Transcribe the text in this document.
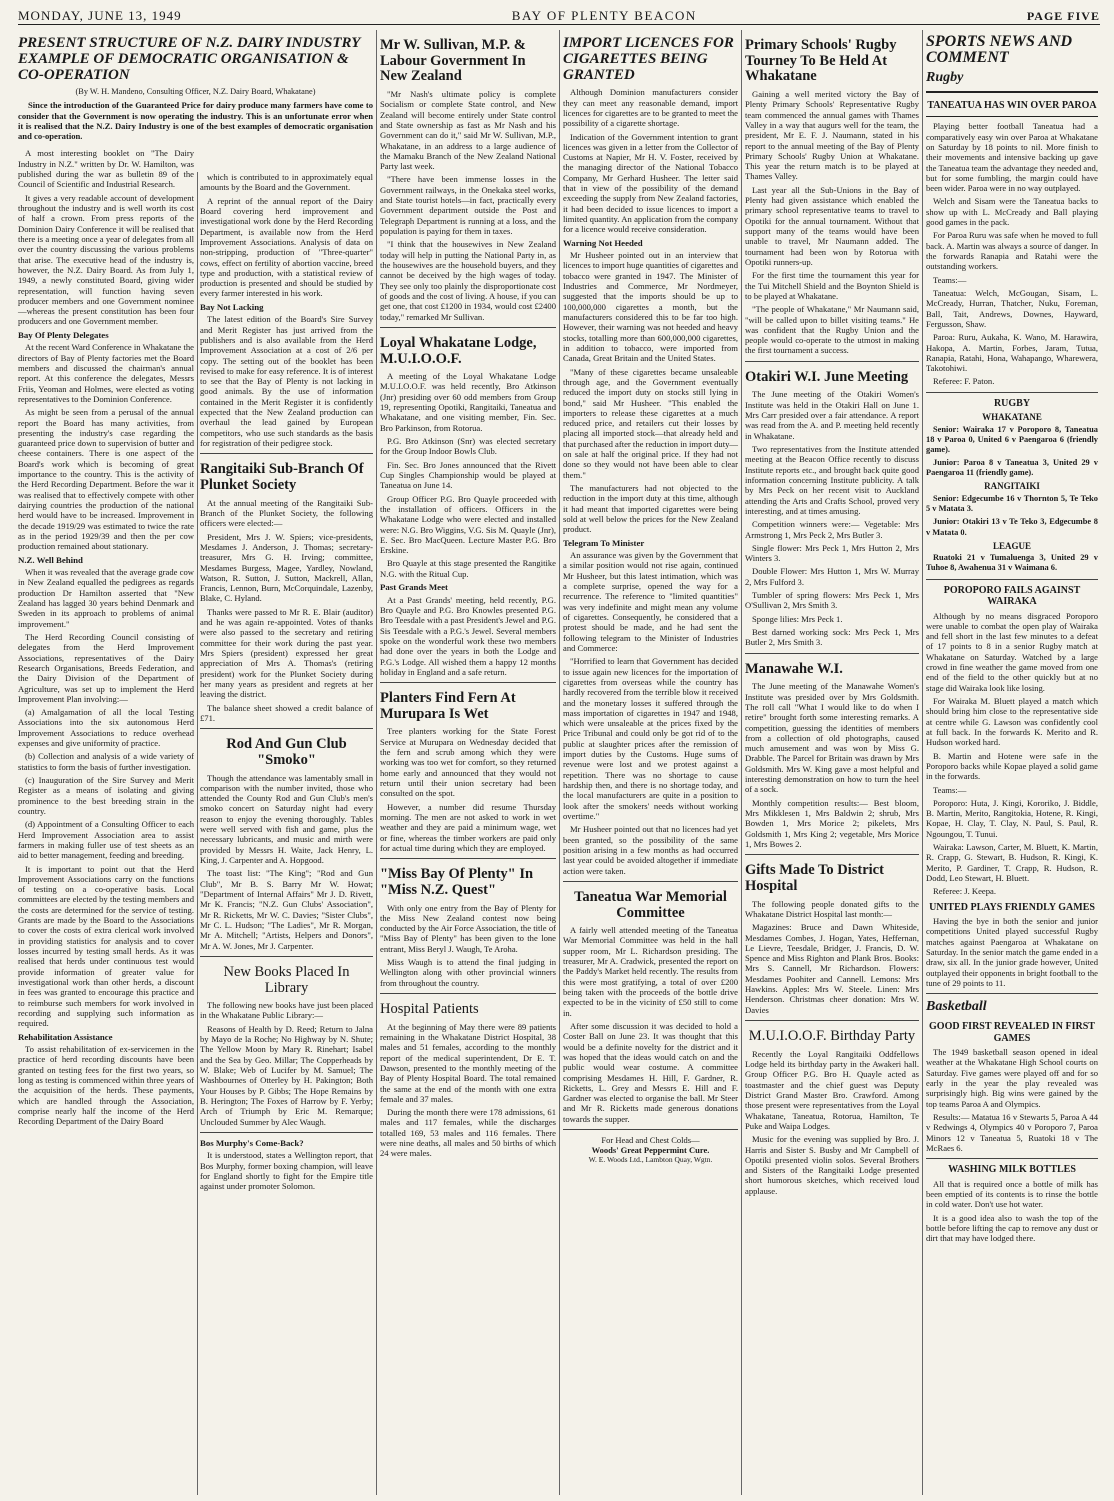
MONDAY, JUNE 13, 1949	BAY OF PLENTY BEACON	PAGE FIVE
PRESENT STRUCTURE OF N.Z. DAIRY INDUSTRY EXAMPLE OF DEMOCRATIC ORGANISATION & CO-OPERATION
(By W. H. Mandeno, Consulting Officer, N.Z. Dairy Board, Whakatane)

Since the introduction of the Guaranteed Price for dairy produce many farmers have come to consider that the Government is now operating the industry. This is an unfortunate error when it is realised that the N.Z. Dairy Industry is one of the best examples of democratic organisation and co-operation.

A most interesting booklet on "The Dairy Industry in N.Z." written by Dr. W. Hamilton, was published during the war as bulletin 89 of the Council of Scientific and Industrial Research.

It gives a very readable account of development throughout the industry and is well worth its cost of half a crown. From press reports of the Dominion Dairy Conference it will be realised that there is a meeting once a year of delegates from all over the country discussing the various problems that arise. The executive head of the industry is, however, the N.Z. Dairy Board. As from July 1, 1949, a newly constituted Board, giving wider representation, will function having seven producer members and one Government nominee—whereas the present constitution has been four producers and one Government member.

Bay Of Plenty Delegates

At the recent Ward Conference in Whakatane the directors of Bay of Plenty factories met the Board members and discussed the chairman's annual report. At this conference the delegates, Messrs Friis, Yeoman and Holmes, were elected as voting representatives to the Dominion Conference.

As might be seen from a perusal of the annual report the Board has many activities, from presenting the industry's case regarding the guaranteed price down to supervision of butter and cheese containers. There is one aspect of the Board's work which is becoming of great importance to the country. This is the activity of the Herd Recording Department. Before the war it was realised that to effectively compete with other dairying countries the production of the national herd would have to be increased. Improvement in the decade 1919/29 was estimated to twice the rate as in the period 1929/39 and then the per cow production remained about stationary.

N.Z. Well Behind

When it was revealed that the average grade cow in New Zealand equalled the pedigrees as regards production Dr Hamilton asserted that "New Zealand has lagged 30 years behind Denmark and Sweden in its approach to problems of animal improvement."

The Herd Recording Council consisting of delegates from the Herd Improvement Associations, representatives of the Dairy Research Organisations, Breeds Federation, and the Dairy Division of the Department of Agriculture, was set up to implement the Herd Improvement Plan involving:—

(a) Amalgamation of all the local Testing Associations into the six autonomous Herd Improvement Associations to reduce overhead expenses and give uniformity of practice.

(b) Collection and analysis of a wide variety of statistics to form the basis of further investigation.

(c) Inauguration of the Sire Survey and Merit Register as a means of isolating and giving prominence to the best breeding strain in the country.

(d) Appointment of a Consulting Officer to each Herd Improvement Association area to assist farmers in making fuller use of test sheets as an aid to better management, feeding and breeding.

It is important to point out that the Herd Improvement Associations carry on the functions of testing on a co-operative basis. Local committees are elected by the testing members and the costs are determined for the service of testing. Grants are made by the Board to the Associations to cover the costs of extra clerical work involved in providing statistics for analysis and to cover losses incurred by testing small herds. As it was realised that herds under continuous test would provide information of greater value for investigational work than other herds, a discount in fees was granted to encourage this practice and to reimburse such members for work involved in recording and supplying such information as required.

Rehabilitation Assistance

To assist rehabilitation of ex-servicemen in the practice of herd recording discounts have been granted on testing fees for the first two years, so long as testing is commenced within three years of the acquisition of the herds. These payments, which are handled through the Association, comprise nearly half the income of the Herd Recording Department of the Dairy Board

which is contributed to in approximately equal amounts by the Board and the Government.

A reprint of the annual report of the Dairy Board covering herd improvement and investigational work done by the Herd Recording Department, is available now from the Herd Improvement Associations. Analysis of data on non-stripping, production of "Three-quarter" cows, effect on fertility of abortion vaccine, breed type and production, with a statistical review of production is presented and should be studied by every farmer interested in his work.

Bay Not Lacking

The latest edition of the Board's Sire Survey and Merit Register has just arrived from the publishers and is also available from the Herd Improvement Association at a cost of 2/6 per copy. The setting out of the booklet has been revised to make for easy reference. It is of interest to see that the Bay of Plenty is not lacking in good animals. By the use of information contained in the Merit Register it is confidently expected that the New Zealand production can overhaul the lead gained by European competitors, who use such standards as the basis for registration of their pedigree stock.

Rangitaiki Sub-Branch Of Plunket Society

At the annual meeting of the Rangitaiki Sub-Branch of the Plunket Society, the following officers were elected:—

President, Mrs J. W. Spiers; vice-presidents, Mesdames J. Anderson, J. Thomas; secretary-treasurer, Mrs G. H. Irving; committee, Mesdames Burgess, Magee, Yardley, Nowland, Watson, R. Sutton, J. Sutton, Mackrell, Allan, Francis, Lennon, Burn, McCorquindale, Lazenby, Blake, C. Hyland.

Thanks were passed to Mr R. E. Blair (auditor) and he was again re-appointed. Votes of thanks were also passed to the secretary and retiring committee for their work during the past year. Mrs Spiers (president) expressed her great appreciation of Mrs A. Thomas's (retiring president) work for the Plunket Society during her many years as president and regrets at her leaving the district.

The balance sheet showed a credit balance of £71.

Rod And Gun Club "Smoko"

Though the attendance was lamentably small in comparison with the number invited, those who attended the County Rod and Gun Club's men's smoko concert on Saturday night had every reason to enjoy the evening thoroughly. Tables were well served with fish and game, plus the necessary lubricants, and music and mirth were provided by Messrs H. Waite, Jack Henry, L. King, J. Carpenter and A. Hopgood.

The toast list: "The King"; "Rod and Gun Club", Mr B. S. Barry Mr W. Howat; "Department of Internal Affairs" Mr J. D. Rivett, Mr K. Francis; "N.Z. Gun Clubs' Association", Mr R. Ricketts, Mr W. C. Davies; "Sister Clubs", Mr C. L. Hudson; "The Ladies", Mr R. Morgan, Mr A. Mitchell; "Artists, Helpers and Donors", Mr A. W. Jones, Mr J. Carpenter.

New Books Placed In Library

The following new books have just been placed in the Whakatane Public Library:—

Reasons of Health by D. Reed; Return to Jalna by Mayo de la Roche; No Highway by N. Shute; The Yellow Moon by Mary R. Rinehart; Isabel and the Sea by Geo. Millar; The Copperheads by W. Blake; Web of Lucifer by M. Samuel; The Washbournes of Otterley by H. Pakington; Both Your Houses by P. Gibbs; The Hope Remains by B. Herington; The Foxes of Harrow by F. Yerby; Arch of Triumph by Eric M. Remarque; Unclouded Summer by Alec Waugh.

Bos Murphy's Come-Back?

It is understood, states a Wellington report, that Bos Murphy, former boxing champion, will leave for England shortly to fight for the Empire title against under promoter Solomon.

Mr W. Sullivan, M.P. & Labour Government In New Zealand

"Mr Nash's ultimate policy is complete Socialism or complete State control, and New Zealand will become entirely under State control and State ownership as fast as Mr Nash and his Government can do it," said Mr W. Sullivan, M.P., Whakatane, in an address to a large audience of the Mamaku Branch of the New Zealand National Party last week.

"There have been immense losses in the Government railways, in the Onekaka steel works, and State tourist hotels—in fact, practically every Government department outside the Post and Telegraph Department is running at a loss, and the population is paying for them in taxes.

"I think that the housewives in New Zealand today will help in putting the National Party in, as the housewives are the household buyers, and they cannot be deceived by the high wages of today. They see only too plainly the disproportionate cost of goods and the cost of living. A house, if you can get one, that cost £1200 in 1934, would cost £2400 today," remarked Mr Sullivan.

Loyal Whakatane Lodge, M.U.I.O.O.F.

A meeting of the Loyal Whakatane Lodge M.U.I.O.O.F. was held recently, Bro Atkinson (Jnr) presiding over 60 odd members from Group 19, representing Opotiki, Rangitaiki, Taneatua and Whakatane, and one visiting member, Fin. Sec. Bro Parkinson, from Rotorua.

P.G. Bro Atkinson (Snr) was elected secretary for the Group Indoor Bowls Club.

Fin. Sec. Bro Jones announced that the Rivett Cup Singles Championship would be played at Taneatua on June 14.

Group Officer P.G. Bro Quayle proceeded with the installation of officers. Officers in the Whakatane Lodge who were elected and installed were: N.G. Bro Wiggins, V.G. Sis M. Quayle (Jnr), E. Sec. Bro MacQueen. Lecture Master P.G. Bro Erskine.

Bro Quayle at this stage presented the Rangitike N.G. with the Ritual Cup.

Past Grands Meet

At a Past Grands' meeting, held recently, P.G. Bro Quayle and P.G. Bro Knowles presented P.G. Bro Teesdale with a past President's Jewel and P.G. Sis Teesdale with a P.G.'s Jewel. Several members spoke on the wonderful work these two members had done over the years in both the Lodge and P.G.'s Lodge. All wished them a happy 12 months holiday in England and a safe return.

Planters Find Fern At Murupara Is Wet

Tree planters working for the State Forest Service at Murupara on Wednesday decided that the fern and scrub among which they were working was too wet for comfort, so they returned home early and announced that they would not return until their union secretary had been consulted on the spot.

However, a number did resume Thursday morning. The men are not asked to work in wet weather and they are paid a minimum wage, wet or fine, whereas the timber workers are paid only for actual time during which they are employed.

"Miss Bay Of Plenty" In "Miss N.Z. Quest"

With only one entry from the Bay of Plenty for the Miss New Zealand contest now being conducted by the Air Force Association, the title of "Miss Bay of Plenty" has been given to the lone entrant, Miss Beryl J. Waugh, Te Aroha.

Miss Waugh is to attend the final judging in Wellington along with other provincial winners from throughout the country.

Hospital Patients

At the beginning of May there were 89 patients remaining in the Whakatane District Hospital, 38 males and 51 females, according to the monthly report of the medical superintendent, Dr E. T. Dawson, presented to the monthly meeting of the Bay of Plenty Hospital Board. The total remained the same at the end of the month with one extra female and 37 males.

During the month there were 178 admissions, 61 males and 117 females, while the discharges totalled 169, 53 males and 116 females. There were nine deaths, all males and 50 births of which 24 were males.

IMPORT LICENCES FOR CIGARETTES BEING GRANTED

Although Dominion manufacturers consider they can meet any reasonable demand, import licences for cigarettes are to be granted to meet the possibility of a cigarette shortage.

Indication of the Government intention to grant licences was given in a letter from the Collector of Customs at Napier, Mr H. V. Foster, received by the managing director of the National Tobacco Company, Mr Gerhard Husheer. The letter said that in view of the possibility of the demand exceeding the supply from New Zealand factories, it had been decided to issue licences to import a limited quantity. An application from the company for a licence would receive consideration.

Warning Not Heeded

Mr Husheer pointed out in an interview that licences to import huge quantities of cigarettes and tobacco were granted in 1947. The Minister of Industries and Commerce, Mr Nordmeyer, suggested that the imports should be up to 100,000,000 cigarettes a month, but the manufacturers considered this to be far too high. However, their warning was not heeded and heavy stocks, totalling more than 600,000,000 cigarettes, in addition to tobacco, were imported from Canada, Great Britain and the United States.

"Many of these cigarettes became unsaleable through age, and the Government eventually reduced the import duty on stocks still lying in bond," said Mr Husheer. "This enabled the importers to release these cigarettes at a much reduced price, and retailers cut their losses by placing all imported stock—that already held and that purchased after the reduction in import duty—on sale at half the original price. If they had not done so they would not have been able to clear them."

The manufacturers had not objected to the reduction in the import duty at this time, although it had meant that imported cigarettes were being sold at well below the prices for the New Zealand product.

Telegram To Minister

An assurance was given by the Government that a similar position would not rise again, continued Mr Husheer, but this latest intimation, which was a complete surprise, opened the way for a recurrence. The reference to "limited quantities" was very indefinite and might mean any volume of cigarettes. Consequently, he considered that a protest should be made, and he had sent the following telegram to the Minister of Industries and Commerce:

"Horrified to learn that Government has decided to issue again new licences for the importation of cigarettes from overseas while the country has hardly recovered from the terrible blow it received and the monetary losses it suffered through the mass importation of cigarettes in 1947 and 1948, which were unsaleable at the prices fixed by the Price Tribunal and could only be got rid of to the public at slaughter prices after the remission of import duties by the Customs. Huge sums of revenue were lost and we protest against a repetition. There was no shortage to cause hardship then, and there is no shortage today, and the local manufacturers are quite in a position to look after the smokers' needs without working overtime."

Mr Husheer pointed out that no licences had yet been granted, so the possibility of the same position arising in a few months as had occurred last year could be avoided altogether if immediate action were taken.

Taneatua War Memorial Committee

A fairly well attended meeting of the Taneatua War Memorial Committee was held in the hall supper room, Mr L. Richardson presiding. The treasurer, Mr A. Cradwick, presented the report on the Paddy's Market held recently. The results from this were most gratifying, a total of over £200 being taken with the proceeds of the bottle drive expected to be in the vicinity of £50 still to come in.

After some discussion it was decided to hold a Coster Ball on June 23. It was thought that this would be a definite novelty for the district and it was hoped that the ideas would catch on and the public would wear costume. A committee comprising Mesdames H. Hill, F. Gardner, R. Ricketts, L. Grey and Messrs E. Hill and F. Gardner was elected to organise the ball. Mr Steer and Mr R. Ricketts made generous donations towards the supper.

For Head and Chest Colds—
Woods' Great Peppermint Cure.
W. E. Woods Ltd., Lambton Quay, Wgtn.
Primary Schools' Rugby Tourney To Be Held At Whakatane

Gaining a well merited victory the Bay of Plenty Primary Schools' Representative Rugby team commenced the annual games with Thames Valley in a way that augurs well for the team, the president, Mr E. F. J. Naumann, stated in his report to the annual meeting of the Bay of Plenty Primary Schools' Rugby Union at Whakatane. This year the return match is to be played at Thames Valley.

Last year all the Sub-Unions in the Bay of Plenty had given assistance which enabled the primary school representative teams to travel to Opotiki for the annual tournament. Without that support many of the teams would have been unable to travel, Mr Naumann added. The tournament had been won by Rotorua with Opotiki runners-up.

For the first time the tournament this year for the Tui Mitchell Shield and the Boynton Shield is to be played at Whakatane.

"The people of Whakatane," Mr Naumann said, "will be called upon to billet visiting teams." He was confident that the Rugby Union and the people would co-operate to the utmost in making the first tournament a success.

Otakiri W.I. June Meeting

The June meeting of the Otakiri Women's Institute was held in the Otakiri Hall on June 1. Mrs Carr presided over a fair attendance. A report was read from the A. and P. meeting held recently in Whakatane.

Two representatives from the Institute attended meeting at the Beacon Office recently to discuss Institute reports etc., and brought back quite good information concerning Institute publicity. A talk by Mrs Peck on her recent visit to Auckland attending the Arts and Crafts School, proved very interesting, and at times amusing.

Competition winners were:— Vegetable: Mrs Armstrong 1, Mrs Peck 2, Mrs Butler 3.

Single flower: Mrs Peck 1, Mrs Hutton 2, Mrs Winters 3.

Double Flower: Mrs Hutton 1, Mrs W. Murray 2, Mrs Fulford 3.

Tumbler of spring flowers: Mrs Peck 1, Mrs O'Sullivan 2, Mrs Smith 3.

Sponge lilies: Mrs Peck 1.

Best darned working sock: Mrs Peck 1, Mrs Butler 2, Mrs Smith 3.

Manawahe W.I.

The June meeting of the Manawahe Women's Institute was presided over by Mrs Goldsmith. The roll call "What I would like to do when I retire" brought forth some interesting remarks. A competition, guessing the identities of members from a collection of old photographs, caused much amusement and was won by Miss G. Drabble. The Parcel for Britain was drawn by Mrs Goldsmith. Mrs W. King gave a most helpful and interesting demonstration on how to turn the heel of a sock.

Monthly competition results:— Best bloom, Mrs Mikklesen 1, Mrs Baldwin 2; shrub, Mrs Bowden 1, Mrs Morice 2; pikelets, Mrs Goldsmith 1, Mrs King 2; vegetable, Mrs Morice 1, Mrs Bowes 2.

Gifts Made To District Hospital

The following people donated gifts to the Whakatane District Hospital last month:—

Magazines: Bruce and Dawn Whiteside, Mesdames Combes, J. Hogan, Yates, Heffernan, Le Lievre, Teesdale, Bridger, J. Francis, D. W. Spence and Miss Righton and Plank Bros. Books: Mrs S. Cannell, Mr Richardson. Flowers: Mesdames Poohiter and Cannell. Lemons: Mrs Hawkins. Apples: Mrs W. Steele. Linen: Mrs Henderson. Christmas cheer donation: Mrs W. Davies

M.U.I.O.O.F. Birthday Party

Recently the Loyal Rangitaiki Oddfellows Lodge held its birthday party in the Awakeri hall. Group Officer P.G. Bro H. Quayle acted as toastmaster and the chief guest was Deputy District Grand Master Bro. Crawford. Among those present were representatives from the Loyal Whakatane, Taneatua, Rotorua, Hamilton, Te Puke and Waipa Lodges.

Music for the evening was supplied by Bro. J. Harris and Sister S. Busby and Mr Campbell of Opotiki presented violin solos. Several Brothers and Sisters of the Rangitaiki Lodge presented short humorous sketches, which received loud applause.

SPORTS NEWS AND COMMENT
Rugby
TANEATUA HAS WIN OVER PAROA

Playing better football Taneatua had a comparatively easy win over Paroa at Whakatane on Saturday by 18 points to nil. More finish to their movements and intensive backing up gave the Taneatua team the advantage they needed and, but for some fumbling, the margin could have been wider. Paroa were in no way outplayed.

Welch and Sisam were the Taneatua backs to show up with L. McCready and Ball playing good games in the pack.

For Paroa Ruru was safe when he moved to full back. A. Martin was always a source of danger. In the forwards Ranapia and Ratahi were the outstanding workers.

Teams:—

Taneatua: Welch, McGougan, Sisam, L. McCready, Hurran, Thatcher, Nuku, Foreman, Ball, Tait, Andrews, Downes, Hayward, Fergusson, Shaw.

Paroa: Ruru, Aukaha, K. Wano, M. Harawira, Hakopa, A. Martin, Forbes, Jaram, Tutua, Ranapia, Ratahi, Hona, Wahapango, Wharewera, Takotohiwi.

Referee: F. Paton.

RUGBY
WHAKATANE

Senior: Wairaka 17 v Poroporo 8, Taneatua 18 v Paroa 0, United 6 v Paengaroa 6 (friendly game).

Junior: Paroa 8 v Taneatua 3, United 29 v Paengaroa 11 (friendly game).

RANGITAIKI

Senior: Edgecumbe 16 v Thornton 5, Te Teko 5 v Matata 3.

Junior: Otakiri 13 v Te Teko 3, Edgecumbe 8 v Matata 0.

LEAGUE

Ruatoki 21 v Tumaluenga 3, United 29 v Tuhoe 8, Awahenua 31 v Waimana 6.

POROPORO FAILS AGAINST WAIRAKA

Although by no means disgraced Poroporo were unable to combat the open play of Wairaka and fell short in the last few minutes to a defeat of 17 points to 8 in a senior Rugby match at Whakatane on Saturday. Watched by a large crowd in fine weather the game moved from one end of the field to the other quickly but at no stage did Wairaka look like losing.

For Wairaka M. Bluett played a match which should bring him close to the representative side at centre while G. Lawson was confidently cool at full back. In the forwards K. Merito and R. Hudson worked hard.

B. Martin and Hotene were safe in the Poroporo backs while Kopae played a solid game in the forwards.

Teams:—

Poroporo: Huta, J. Kingi, Kororiko, J. Biddle, B. Martin, Merito, Rangitokia, Hotene, R. Kingi, Kopae, H. Clay, T. Clay, N. Paul, S. Paul, R. Ngoungou, T. Tunui.

Wairaka: Lawson, Carter, M. Bluett, K. Martin, R. Crapp, G. Stewart, B. Hudson, R. Kingi, K. Merito, P. Gardiner, T. Crapp, R. Hudson, R. Dodd, Leo Stewart, H. Bluett.

Referee: J. Keepa.

UNITED PLAYS FRIENDLY GAMES

Having the bye in both the senior and junior competitions United played successful Rugby matches against Paengaroa at Whakatane on Saturday. In the senior match the game ended in a draw, six all. In the junior grade however, United outplayed their opponents in bright football to the tune of 29 points to 11.

Basketball
GOOD FIRST REVEALED IN FIRST GAMES

The 1949 basketball season opened in ideal weather at the Whakatane High School courts on Saturday. Five games were played off and for so early in the year the play revealed was surprisingly high. Big wins were gained by the top teams Paroa A and Olympics.

Results:— Matatua 16 v Stewarts 5, Paroa A 44 v Redwings 4, Olympics 40 v Poroporo 7, Paroa Minors 12 v Taneatua 5, Ruatoki 18 v The McRaes 6.

WASHING MILK BOTTLES

All that is required once a bottle of milk has been emptied of its contents is to rinse the bottle in cold water. Don't use hot water.

It is a good idea also to wash the top of the bottle before lifting the cap to remove any dust or dirt that may have lodged there.
